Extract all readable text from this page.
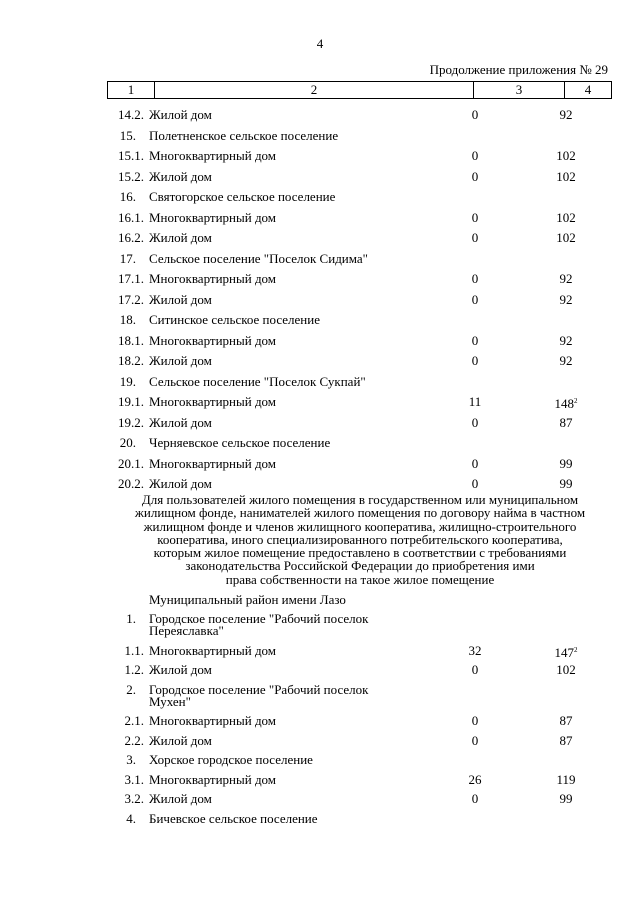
4
Продолжение приложения № 29
1	2	3	4
14.2. Жилой дом	0	92
15. Полетненское сельское поселение
15.1. Многоквартирный дом	0	102
15.2. Жилой дом	0	102
16. Святогорское сельское поселение
16.1. Многоквартирный дом	0	102
16.2. Жилой дом	0	102
17. Сельское поселение "Поселок Сидима"
17.1. Многоквартирный дом	0	92
17.2. Жилой дом	0	92
18. Ситинское сельское поселение
18.1. Многоквартирный дом	0	92
18.2. Жилой дом	0	92
19. Сельское поселение "Поселок Сукпай"
19.1. Многоквартирный дом	11	$148^2$
19.2. Жилой дом	0	87
20. Черняевское сельское поселение
20.1. Многоквартирный дом	0	99
20.2. Жилой дом	0	99
Для пользователей жилого помещения в государственном или муниципальном
жилищном фонде, нанимателей жилого помещения по договору найма в частном
жилищном фонде и членов жилищного кооператива, жилищно-строительного
кооператива, иного специализированного потребительского кооператива,
которым жилое помещение предоставлено в соответствии с требованиями
законодательства Российской Федерации до приобретения ими
права собственности на такое жилое помещение
Муниципальный район имени Лазо
1. Городское поселение "Рабочий поселок
Переяславка"
1.1. Многоквартирный дом	32	$147^2$
1.2. Жилой дом	0	102
2. Городское поселение "Рабочий поселок
Мухен"
2.1. Многоквартирный дом	0	87
2.2. Жилой дом	0	87
3. Хорское городское поселение
3.1. Многоквартирный дом	26	119
3.2. Жилой дом	0	99
4. Бичевское сельское поселение
